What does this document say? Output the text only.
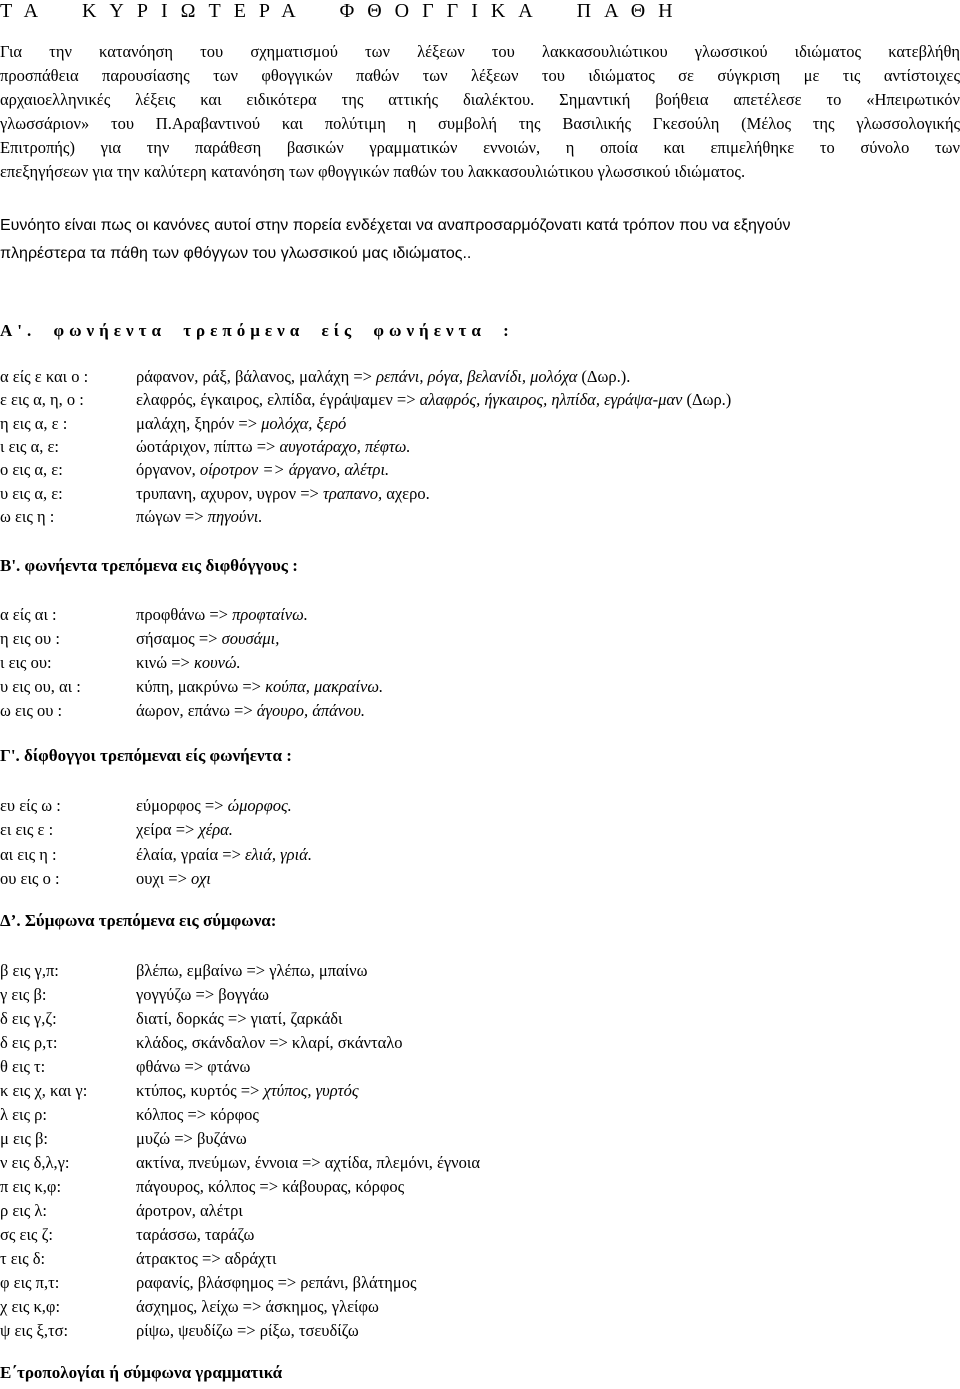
ΤΑ ΚΥΡΙΩΤΕΡΑ ΦΘΟΓΓΙΚΑ ΠΑΘΗ
Για την κατανόηση του σχηματισμού των λέξεων του λακκασουλιώτικου γλωσσικού ιδιώματος κατεβλήθη
προσπάθεια παρουσίασης των φθογγικών παθών των λέξεων του ιδιώματος σε σύγκριση με τις αντίστοιχες
αρχαιοελληνικές λέξεις και ειδικότερα της αττικής διαλέκτου. Σημαντική βοήθεια απετέλεσε το «Ηπειρωτικόν
γλωσσάριον» του Π.Αραβαντινού και πολύτιμη η συμβολή της Βασιλικής Γκεσούλη (Μέλος της γλωσσολογικής
Επιτροπής) για την παράθεση βασικών γραμματικών εννοιών, η οποία και επιμελήθηκε το σύνολο των
επεξηγήσεων για την καλύτερη κατανόηση των φθογγικών παθών του λακκασουλιώτικου γλωσσικού ιδιώματος.
Ευνόητο είναι πως οι κανόνες αυτοί στην πορεία ενδέχεται να αναπροσαρμόζονατι κατά τρόπον που να εξηγούν
πληρέστερα τα πάθη των φθόγγων του γλωσσικού μας ιδιώματος..
Ε΄τροπολογίαι ή σύμφωνα γραμματικά
Α'. φωνήεντα τρεπόμενα είς φωνήεντα :
α είς ε και ο :	ράφανον, ράξ, βάλανος, μαλάχη => ρεπάνι, ρόγα, βελανίδι, μολόχα (Δωρ.).
ε εις α, η, ο :	ελαφρός, έγκαιρος, ελπίδα, έγράψαμεν => αλαφρός, ήγκαιρος, ηλπίδα, εγράψα-μαν (Δωρ.)
η εις α, ε :	μαλάχη, ξηρόν => μολόχα, ξερό
ι εις α, ε:	ώοτάριχον, πίπτω => αυγοτάραχο, πέφτω.
ο εις α, ε:	όργανον, οίροτρον => άργανο, αλέτρι.
υ εις α, ε:	τρυπανη, αχυρον, υγρον => τραπανο, αχερο.
ω εις η :	πώγων => πηγούνι.
Β'. φωνήεντα τρεπόμενα εις διφθόγγους :
α είς αι :	προφθάνω => προφταίνω.
η εις ου :	σήσαμος => σουσάμι,
ι εις ου:	κινώ => κουνώ.
υ εις ου, αι :	κύπη, μακρύνω => κούπα, μακραίνω.
ω εις ου :	άωρον, επάνω => άγουρο, άπάνου.
Γ'. δίφθογγοι τρεπόμεναι είς φωνήεντα :
ευ είς ω :	εύμορφος => ώμορφος.
ει εις ε :	χείρα => χέρα.
αι εις η :	έλαία, γραία => ελιά, γριά.
ου εις ο :	ουχι => οχι
Δ’. Σύμφωνα τρεπόμενα εις σύμφωνα:
β εις γ,π:	βλέπω, εμβαίνω => γλέπω, μπαίνω
γ εις β:	γογγύζω => βογγάω
δ εις γ,ζ:	διατί, δορκάς => γιατί, ζαρκάδι
δ εις ρ,τ:	κλάδος, σκάνδαλον => κλαρί, σκάνταλο
θ εις τ:	φθάνω => φτάνω
κ εις χ, και γ:	κτύπος, κυρτός => χτύπος, γυρτός
λ εις ρ:	κόλπος => κόρφος
μ εις β:	μυζώ => βυζάνω
ν εις δ,λ,γ:	ακτίνα, πνεύμων, έννοια => αχτίδα, πλεμόνι, έγνοια
π εις κ,φ:	πάγουρος, κόλπος => κάβουρας, κόρφος
ρ εις λ:	άροτρον, αλέτρι
σς εις ζ:	ταράσσω, ταράζω
τ εις δ:	άτρακτος => αδράχτι
φ εις π,τ:	ραφανίς, βλάσφημος => ρεπάνι, βλάτημος
χ εις κ,φ:	άσχημος, λείχω => άσκημος, γλείφω
ψ εις ξ,τσ:	ρίψω, ψευδίζω => ρίξω, τσευδίζω
